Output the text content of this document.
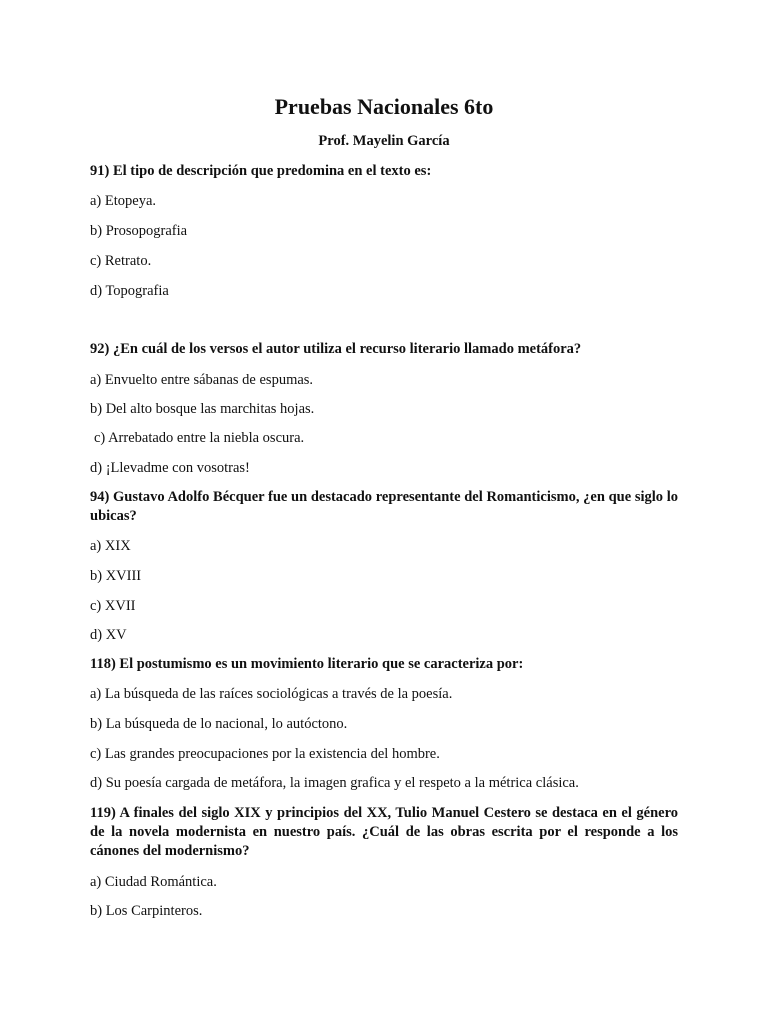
Pruebas Nacionales 6to
Prof. Mayelin García
91) El tipo de descripción que predomina en el texto es:
a) Etopeya.
b) Prosopografia
c) Retrato.
d) Topografia
92) ¿En cuál de los versos el autor utiliza el recurso literario llamado metáfora?
a) Envuelto entre sábanas de espumas.
b) Del alto bosque las marchitas hojas.
c) Arrebatado entre la niebla oscura.
d) ¡Llevadme con vosotras!
94) Gustavo Adolfo Bécquer fue un destacado representante del Romanticismo, ¿en que siglo lo ubicas?
a) XIX
b) XVIII
c) XVII
d) XV
118) El postumismo es un movimiento literario que se caracteriza por:
a) La búsqueda de las raíces sociológicas a través de la poesía.
b) La búsqueda de lo nacional, lo autóctono.
c) Las grandes preocupaciones por la existencia del hombre.
d) Su poesía cargada de metáfora, la imagen grafica y el respeto a la métrica clásica.
119) A finales del siglo XIX y principios del XX, Tulio Manuel Cestero se destaca en el género de la novela modernista en nuestro país. ¿Cuál de las obras escrita por el responde a los cánones del modernismo?
a) Ciudad Romántica.
b) Los Carpinteros.
